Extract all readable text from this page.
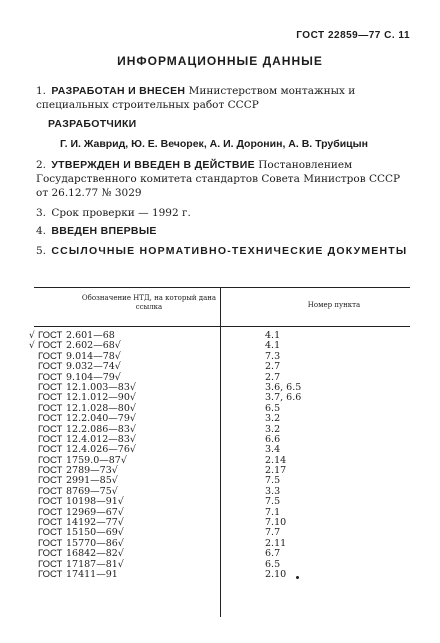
ГОСТ 22859—77 С. 11
ИНФОРМАЦИОННЫЕ ДАННЫЕ
1. РАЗРАБОТАН И ВНЕСЕН Министерством монтажных и специальных строительных работ СССР
РАЗРАБОТЧИКИ
Г. И. Жаврид, Ю. Е. Вечорек, А. И. Доронин, А. В. Трубицын
2. УТВЕРЖДЕН И ВВЕДЕН В ДЕЙСТВИЕ Постановлением Государственного комитета стандартов Совета Министров СССР от 26.12.77 № 3029
3. Срок проверки — 1992 г.
4. ВВЕДЕН ВПЕРВЫЕ
5. ССЫЛОЧНЫЕ НОРМАТИВНО-ТЕХНИЧЕСКИЕ ДОКУМЕНТЫ
Обозначение НТД, на который дана ссылка	Номер пункта
√ ГОСТ 2.601—68	4.1
√ ГОСТ 2.602—68√	4.1
ГОСТ 9.014—78√	7.3
ГОСТ 9.032—74√	2.7
ГОСТ 9.104—79√	2.7
ГОСТ 12.1.003—83√	3.6, 6.5
ГОСТ 12.1.012—90√	3.7, 6.6
ГОСТ 12.1.028—80√	6.5
ГОСТ 12.2.040—79√	3.2
ГОСТ 12.2.086—83√	3.2
ГОСТ 12.4.012—83√	6.6
ГОСТ 12.4.026—76√	3.4
ГОСТ 1759.0—87√	2.14
ГОСТ 2789—73√	2.17
ГОСТ 2991—85√	7.5
ГОСТ 8769—75√	3.3
ГОСТ 10198—91√	7.5
ГОСТ 12969—67√	7.1
ГОСТ 14192—77√	7.10
ГОСТ 15150—69√	7.7
ГОСТ 15770—86√	2.11
ГОСТ 16842—82√	6.7
ГОСТ 17187—81√	6.5
ГОСТ 17411—91	2.10
